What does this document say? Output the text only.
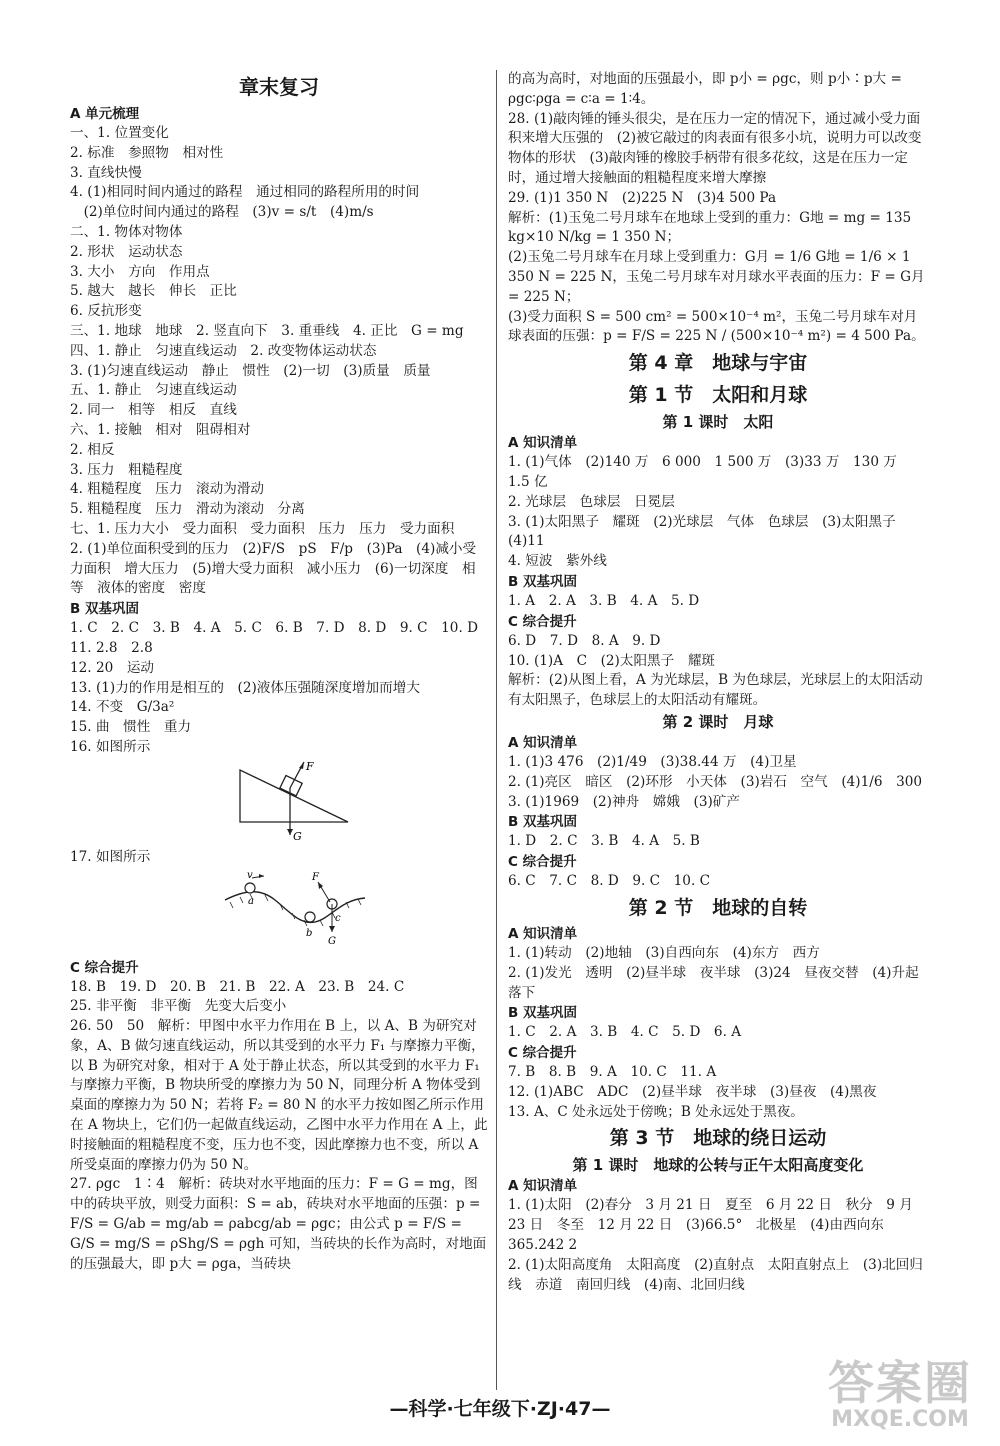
章末复习
A 单元梳理
一、1. 位置变化
2. 标准　参照物　相对性
3. 直线快慢
4. (1)相同时间内通过的路程　通过相同的路程所用的时间
　(2)单位时间内通过的路程　(3)v = s/t　(4)m/s
二、1. 物体对物体
2. 形状　运动状态
3. 大小　方向　作用点
5. 越大　越长　伸长　正比
6. 反抗形变
三、1. 地球　地球　2. 竖直向下　3. 重垂线　4. 正比　G = mg
四、1. 静止　匀速直线运动　2. 改变物体运动状态
3. (1)匀速直线运动　静止　惯性　(2)一切　(3)质量　质量
五、1. 静止　匀速直线运动
2. 同一　相等　相反　直线
六、1. 接触　相对　阻碍相对
2. 相反
3. 压力　粗糙程度
4. 粗糙程度　压力　滚动为滑动
5. 粗糙程度　压力　滑动为滚动　分离
七、1. 压力大小　受力面积　受力面积　压力　压力　受力面积
2. (1)单位面积受到的压力　(2)F/S　pS　F/p　(3)Pa　(4)减小受力面积　增大压力　(5)增大受力面积　减小压力　(6)一切深度　相等　液体的密度　密度
B 双基巩固
1. C　2. C　3. B　4. A　5. C　6. B　7. D　8. D　9. C　10. D
11. 2.8　2.8
12. 20　运动
13. (1)力的作用是相互的　(2)液体压强随深度增加而增大
14. 不变　G/3a²
15. 曲　惯性　重力
16. 如图所示
F
G
17. 如图所示
v
a
b
F
c
G
C 综合提升
18. B　19. D　20. B　21. B　22. A　23. B　24. C
25. 非平衡　非平衡　先变大后变小
26. 50　50　解析：甲图中水平力作用在 B 上，以 A、B 为研究对象，A、B 做匀速直线运动，所以其受到的水平力 F₁ 与摩擦力平衡，以 B 为研究对象，相对于 A 处于静止状态，所以其受到的水平力 F₁ 与摩擦力平衡，B 物块所受的摩擦力为 50 N，同理分析 A 物体受到桌面的摩擦力为 50 N；若将 F₂ = 80 N 的水平力按如图乙所示作用在 A 物块上，它们仍一起做直线运动，乙图中水平力作用在 A 上，此时接触面的粗糙程度不变，压力也不变，因此摩擦力也不变，所以 A 所受桌面的摩擦力仍为 50 N。
27. ρgc　1∶4　解析：砖块对水平地面的压力：F = G = mg，图中的砖块平放，则受力面积：S = ab，砖块对水平地面的压强：p = F/S = G/ab = mg/ab = ρabcg/ab = ρgc；由公式 p = F/S = G/S = mg/S = ρShg/S = ρgh 可知，当砖块的长作为高时，对地面的压强最大，即 p大 = ρga，当砖块
的高为高时，对地面的压强最小，即 p小 = ρgc，则 p小∶p大 = ρgc∶ρga = c∶a = 1∶4。
28. (1)敲肉锤的锤头很尖，是在压力一定的情况下，通过减小受力面积来增大压强的　(2)被它敲过的肉表面有很多小坑，说明力可以改变物体的形状　(3)敲肉锤的橡胶手柄带有很多花纹，这是在压力一定时，通过增大接触面的粗糙程度来增大摩擦
29. (1)1 350 N　(2)225 N　(3)4 500 Pa
解析：(1)玉兔二号月球车在地球上受到的重力：G地 = mg = 135 kg×10 N/kg = 1 350 N；
(2)玉兔二号月球车在月球上受到重力：G月 = 1/6 G地 = 1/6 × 1 350 N = 225 N，玉兔二号月球车对月球水平表面的压力：F = G月 = 225 N；
(3)受力面积 S = 500 cm² = 500×10⁻⁴ m²，玉兔二号月球车对月球表面的压强：p = F/S = 225 N / (500×10⁻⁴ m²) = 4 500 Pa。
第 4 章　地球与宇宙
第 1 节　太阳和月球
第 1 课时　太阳
A 知识清单
1. (1)气体　(2)140 万　6 000　1 500 万　(3)33 万　130 万　1.5 亿
2. 光球层　色球层　日冕层
3. (1)太阳黑子　耀斑　(2)光球层　气体　色球层　(3)太阳黑子　(4)11
4. 短波　紫外线
B 双基巩固
1. A　2. A　3. B　4. A　5. D
C 综合提升
6. D　7. D　8. A　9. D
10. (1)A　C　(2)太阳黑子　耀斑
解析：(2)从图上看，A 为光球层，B 为色球层，光球层上的太阳活动有太阳黑子，色球层上的太阳活动有耀斑。
第 2 课时　月球
A 知识清单
1. (1)3 476　(2)1/49　(3)38.44 万　(4)卫星
2. (1)亮区　暗区　(2)环形　小天体　(3)岩石　空气　(4)1/6　300
3. (1)1969　(2)神舟　嫦娥　(3)矿产
B 双基巩固
1. D　2. C　3. B　4. A　5. B
C 综合提升
6. C　7. C　8. D　9. C　10. C
第 2 节　地球的自转
A 知识清单
1. (1)转动　(2)地轴　(3)自西向东　(4)东方　西方
2. (1)发光　透明　(2)昼半球　夜半球　(3)24　昼夜交替　(4)升起　落下
B 双基巩固
1. C　2. A　3. B　4. C　5. D　6. A
C 综合提升
7. B　8. B　9. A　10. C　11. A
12. (1)ABC　ADC　(2)昼半球　夜半球　(3)昼夜　(4)黑夜
13. A、C 处永远处于傍晚；B 处永远处于黑夜。
第 3 节　地球的绕日运动
第 1 课时　地球的公转与正午太阳高度变化
A 知识清单
1. (1)太阳　(2)春分　3 月 21 日　夏至　6 月 22 日　秋分　9 月 23 日　冬至　12 月 22 日　(3)66.5°　北极星　(4)由西向东　365.242 2
2. (1)太阳高度角　太阳高度　(2)直射点　太阳直射点上　(3)北回归线　赤道　南回归线　(4)南、北回归线
—科学·七年级下·ZJ·47—	答案圈
MXQE.COM
